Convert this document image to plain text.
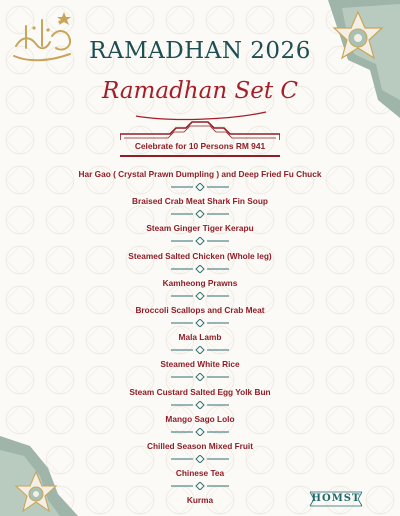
RAMADHAN 2026
Ramadhan Set C
Celebrate for 10 Persons RM 941
Har Gao ( Crystal Prawn Dumpling ) and Deep Fried Fu Chuck
Braised Crab Meat Shark Fin Soup
Steam Ginger Tiger Kerapu
Steamed Salted Chicken (Whole leg)
Kamheong Prawns
Broccoli Scallops and Crab Meat
Mala Lamb
Steamed White Rice
Steam Custard Salted Egg Yolk Bun
Mango Sago Lolo
Chilled Season Mixed Fruit
Chinese Tea
Kurma	HOMST
